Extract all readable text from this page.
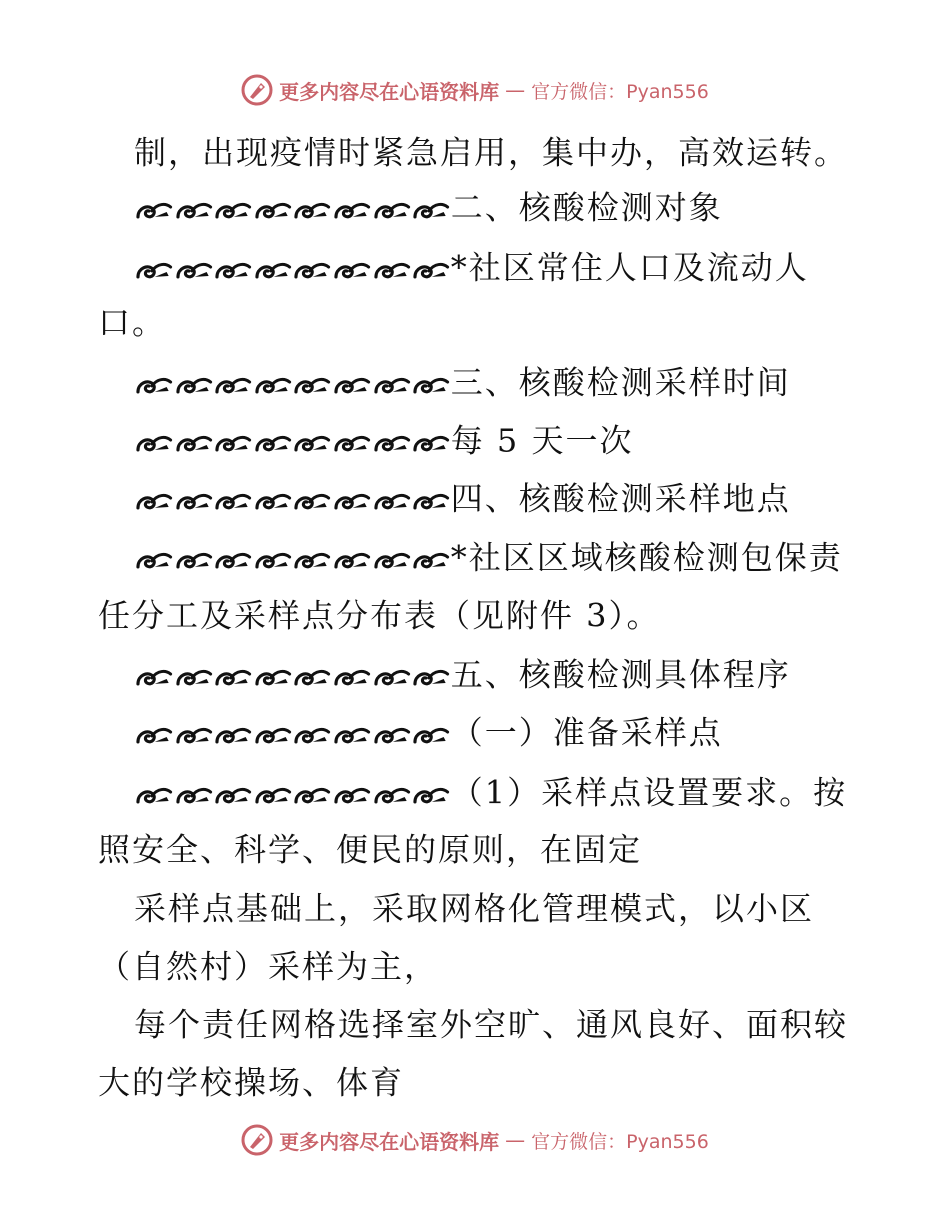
更多内容尽在心语资料库 — 官方微信：Pyan556
制，出现疫情时紧急启用，集中办，高效运转。
二、核酸检测对象
*社区常住人口及流动人
口。
三、核酸检测采样时间
每 5 天一次
四、核酸检测采样地点
*社区区域核酸检测包保责
任分工及采样点分布表（见附件 3）。
五、核酸检测具体程序
（一）准备采样点
（1）采样点设置要求。按
照安全、科学、便民的原则，在固定
采样点基础上，采取网格化管理模式，以小区
（自然村）采样为主，
每个责任网格选择室外空旷、通风良好、面积较
大的学校操场、体育
更多内容尽在心语资料库 — 官方微信：Pyan556
